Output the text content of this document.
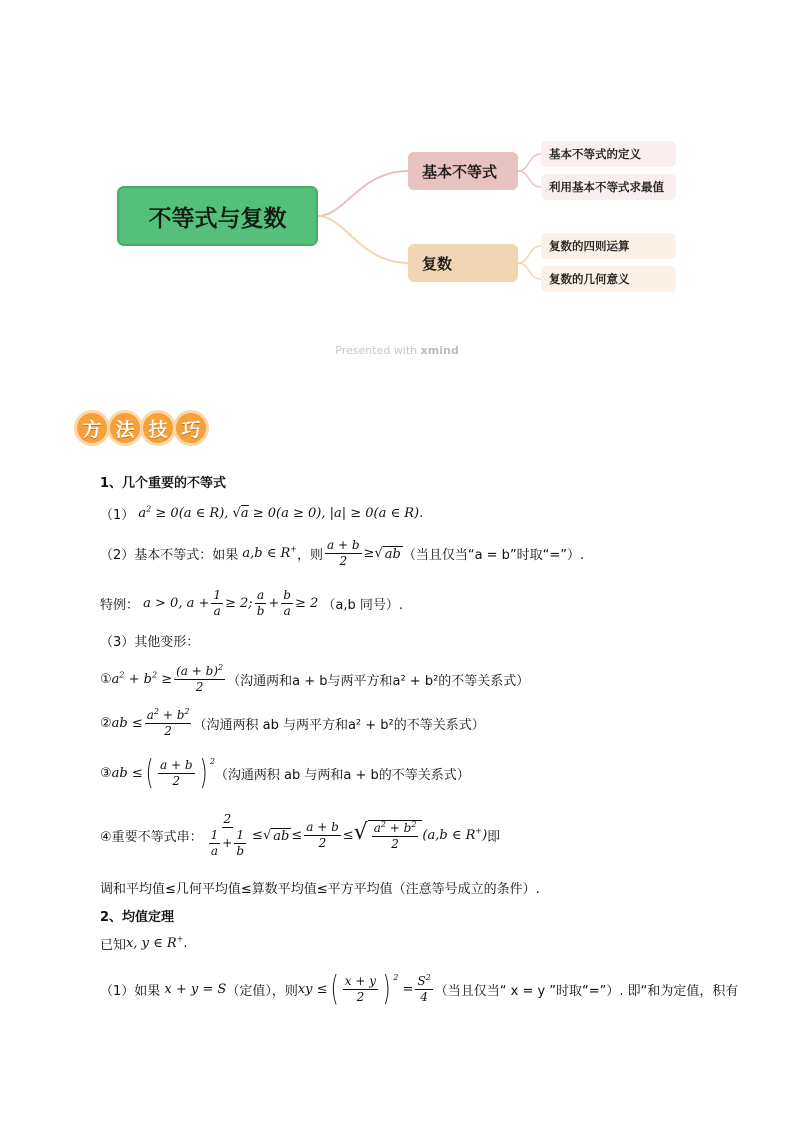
不等式与复数
基本不等式
复数
基本不等式的定义
利用基本不等式求最值
复数的四则运算
复数的几何意义
Presented with xmind
方 法 技 巧
1、几个重要的不等式
（1） $a^2 \ge 0(a$ ∈ R), √a ≥ 0(a ≥ 0), |a| ≥ 0(a ∈ R).
（2）基本不等式：如果 a,b ∈ R+ ，则 $\frac{a + b}{2}$ ≥ √ ab （当且仅当“a = b”时取“=”）.
特例： a > 0, $a + \frac{1}{a} \ge 2$; $\frac{a}{b} + \frac{b}{a} \ge 2$ （a,b 同号）.
（3）其他变形：
① $a^2 + b^2 \ge \frac{(a + b)^2}{2}$ （沟通两和a + b与两平方和a² + b²的不等关系式）
② ab ≤ $\frac{a^2 + b^2}{2}$ （沟通两积 ab 与两平方和a² + b²的不等关系式）
③ ab ≤ ( $\frac{a + b}{2}$ ) 2
（沟通两积 ab 与两和a + b的不等关系式）
④重要不等式串： $\frac{2}{\frac{1}{a} + \frac{1}{b}}$ ≤ √ ab ≤ $\frac{a + b}{2}$ ≤ √ $\frac{a^2 + b^2}{2} (a,b$ ∈ R+) 即
调和平均值≤几何平均值≤算数平均值≤平方平均值（注意等号成立的条件）.
2、均值定理
已知 x, y ∈ R+ .
（1）如果 x + y = S （定值），则 xy ≤ ( $\frac{x + y}{2}$ ) 2
= $\frac{S^2}{4}$ （当且仅当“ x = y ”时取“=”）. 即“和为定值，积有
